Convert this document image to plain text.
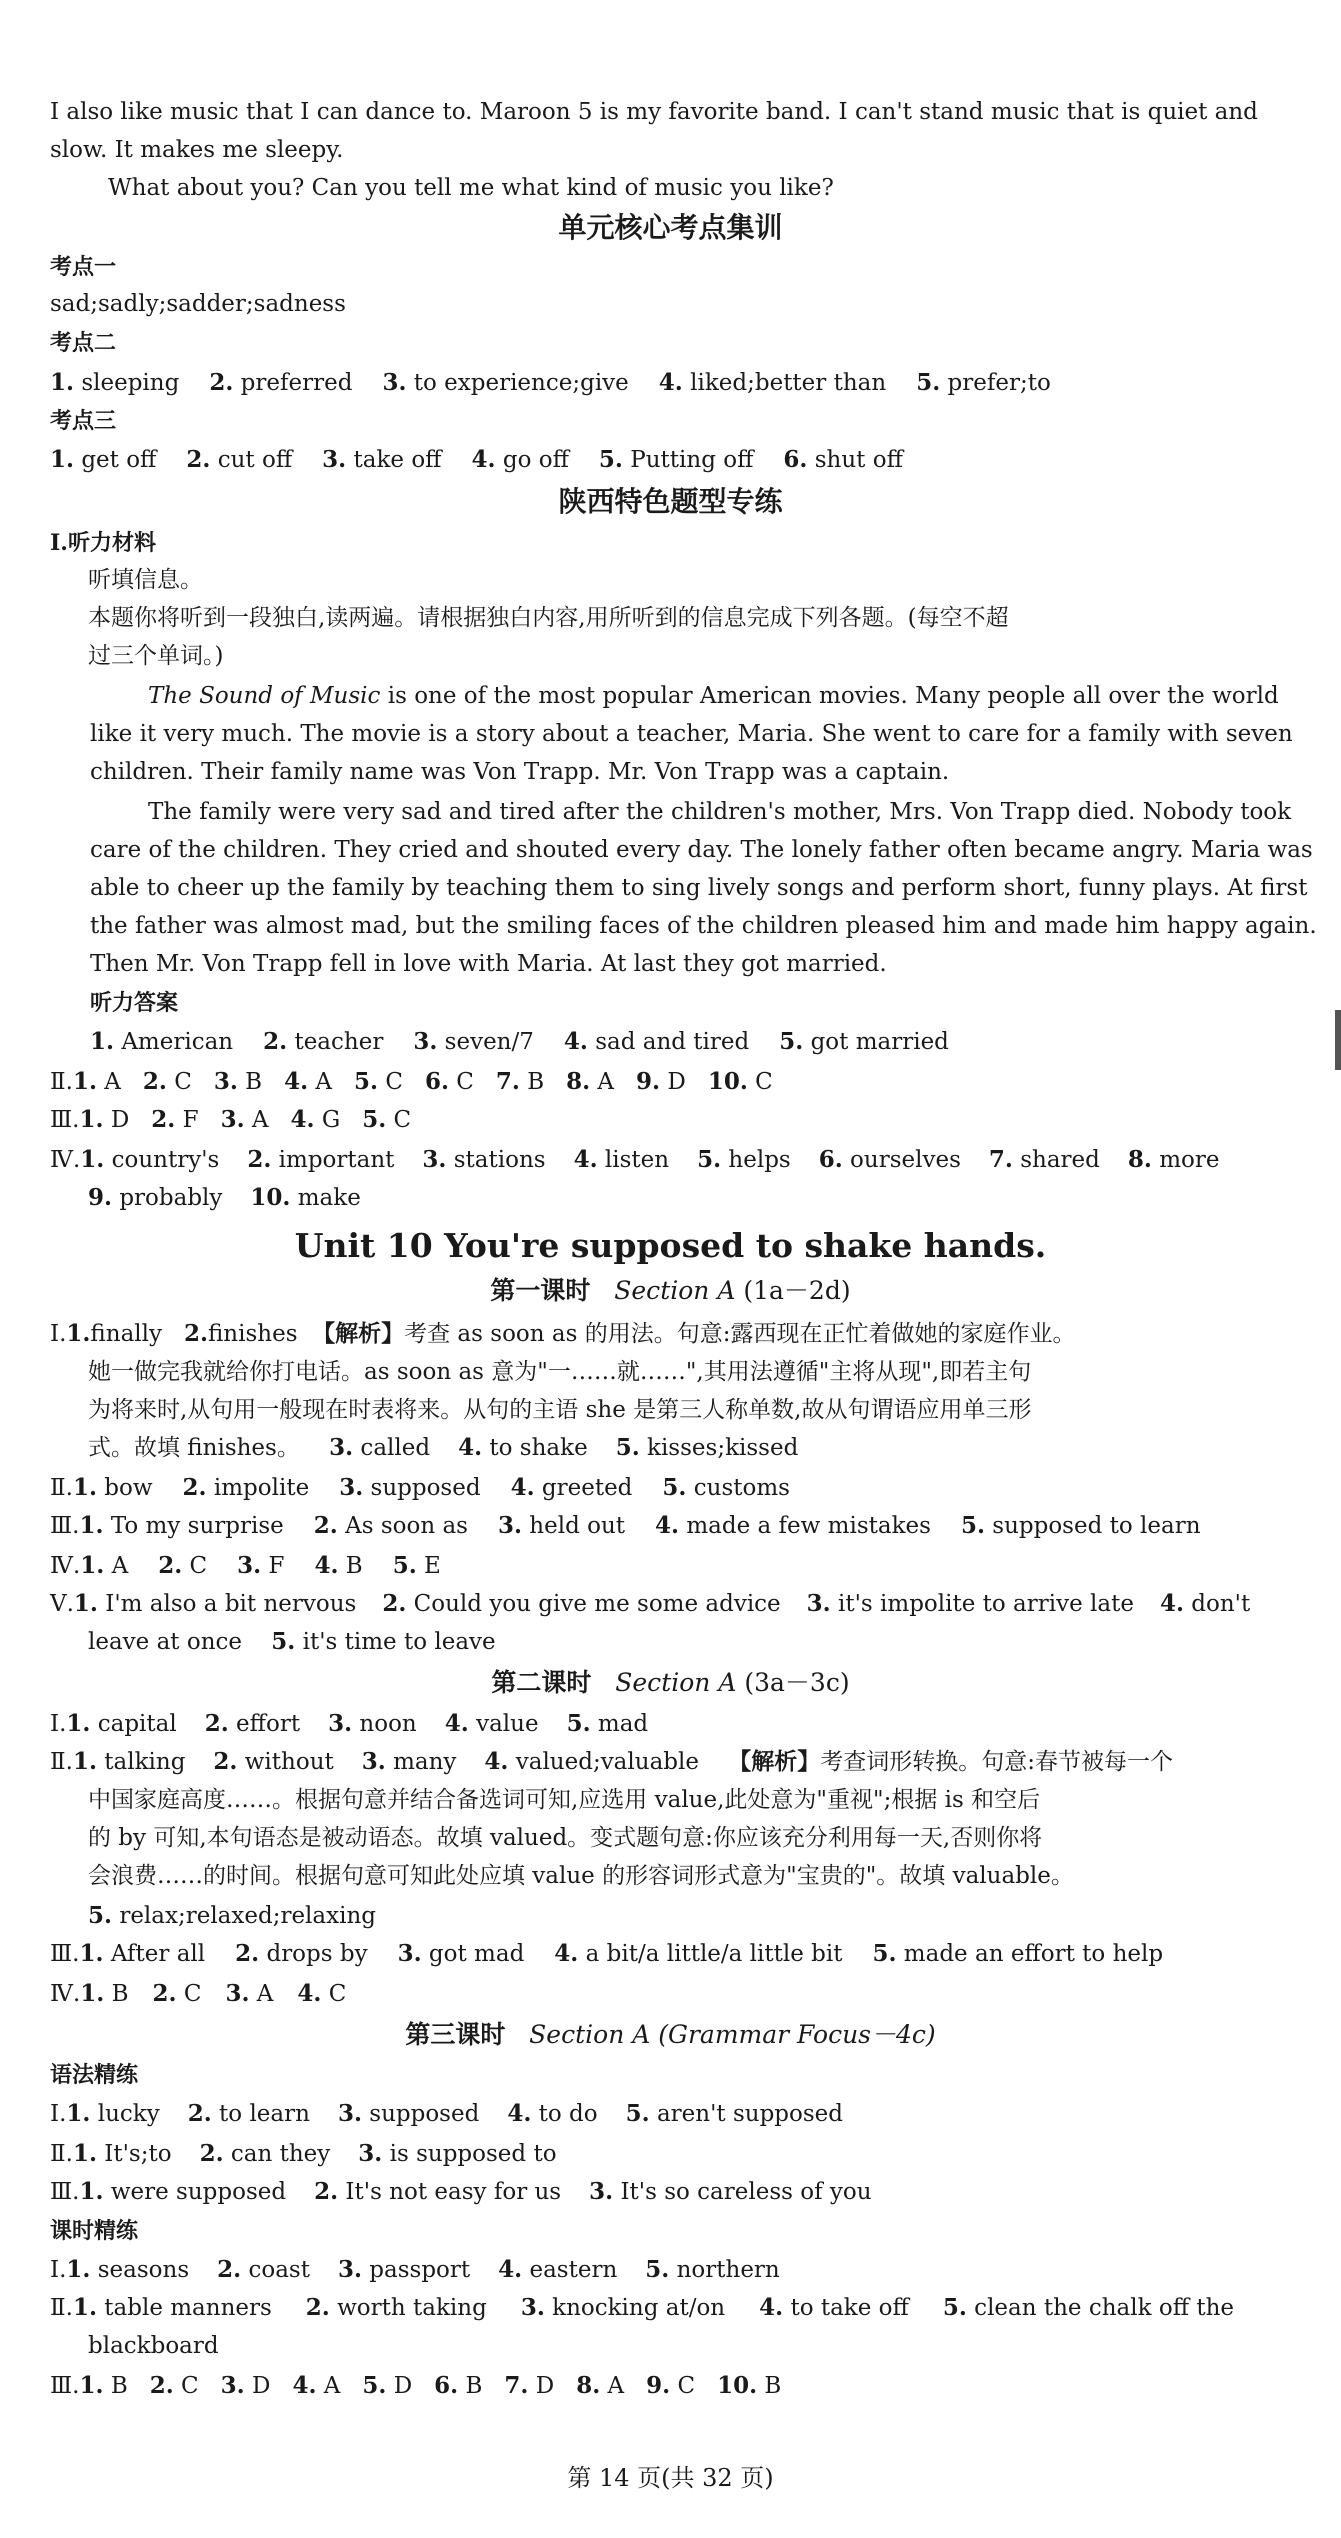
I also like music that I can dance to. Maroon 5 is my favorite band. I can't stand music that is quiet and
slow. It makes me sleepy.
What about you? Can you tell me what kind of music you like?
单元核心考点集训
考点一
sad;sadly;sadder;sadness
考点二
1. sleeping 2. preferred 3. to experience;give 4. liked;better than 5. prefer;to
考点三
1. get off 2. cut off 3. take off 4. go off 5. Putting off 6. shut off
陕西特色题型专练
Ⅰ.听力材料
听填信息。
本题你将听到一段独白,读两遍。请根据独白内容,用所听到的信息完成下列各题。(每空不超
过三个单词。)
The Sound of Music is one of the most popular American movies. Many people all over the world
like it very much. The movie is a story about a teacher, Maria. She went to care for a family with seven
children. Their family name was Von Trapp. Mr. Von Trapp was a captain.
The family were very sad and tired after the children's mother, Mrs. Von Trapp died. Nobody took
care of the children. They cried and shouted every day. The lonely father often became angry. Maria was
able to cheer up the family by teaching them to sing lively songs and perform short, funny plays. At first
the father was almost mad, but the smiling faces of the children pleased him and made him happy again.
Then Mr. Von Trapp fell in love with Maria. At last they got married.
听力答案
1. American 2. teacher 3. seven/7 4. sad and tired 5. got married
Ⅱ.1. A 2. C 3. B 4. A 5. C 6. C 7. B 8. A 9. D 10. C
Ⅲ.1. D 2. F 3. A 4. G 5. C
Ⅳ.1. country's 2. important 3. stations 4. listen 5. helps 6. ourselves 7. shared 8. more
9. probably 10. make
Unit 10 You're supposed to shake hands.
第一课时 Section A (1a－2d)
Ⅰ.1.finally 2.finishes 【解析】考查 as soon as 的用法。句意:露西现在正忙着做她的家庭作业。
她一做完我就给你打电话。as soon as 意为"一……就……",其用法遵循"主将从现",即若主句
为将来时,从句用一般现在时表将来。从句的主语 she 是第三人称单数,故从句谓语应用单三形
式。故填 finishes。 3. called 4. to shake 5. kisses;kissed
Ⅱ.1. bow 2. impolite 3. supposed 4. greeted 5. customs
Ⅲ.1. To my surprise 2. As soon as 3. held out 4. made a few mistakes 5. supposed to learn
Ⅳ.1. A 2. C 3. F 4. B 5. E
Ⅴ.1. I'm also a bit nervous 2. Could you give me some advice 3. it's impolite to arrive late 4. don't
leave at once 5. it's time to leave
第二课时 Section A (3a－3c)
Ⅰ.1. capital 2. effort 3. noon 4. value 5. mad
Ⅱ.1. talking 2. without 3. many 4. valued;valuable 【解析】考查词形转换。句意:春节被每一个
中国家庭高度……。根据句意并结合备选词可知,应选用 value,此处意为"重视";根据 is 和空后
的 by 可知,本句语态是被动语态。故填 valued。变式题句意:你应该充分利用每一天,否则你将
会浪费……的时间。根据句意可知此处应填 value 的形容词形式意为"宝贵的"。故填 valuable。
5. relax;relaxed;relaxing
Ⅲ.1. After all 2. drops by 3. got mad 4. a bit/a little/a little bit 5. made an effort to help
Ⅳ.1. B 2. C 3. A 4. C
第三课时 Section A (Grammar Focus－4c)
语法精练
Ⅰ.1. lucky 2. to learn 3. supposed 4. to do 5. aren't supposed
Ⅱ.1. It's;to 2. can they 3. is supposed to
Ⅲ.1. were supposed 2. It's not easy for us 3. It's so careless of you
课时精练
Ⅰ.1. seasons 2. coast 3. passport 4. eastern 5. northern
Ⅱ.1. table manners 2. worth taking 3. knocking at/on 4. to take off 5. clean the chalk off the
blackboard
Ⅲ.1. B 2. C 3. D 4. A 5. D 6. B 7. D 8. A 9. C 10. B
第 14 页(共 32 页)
